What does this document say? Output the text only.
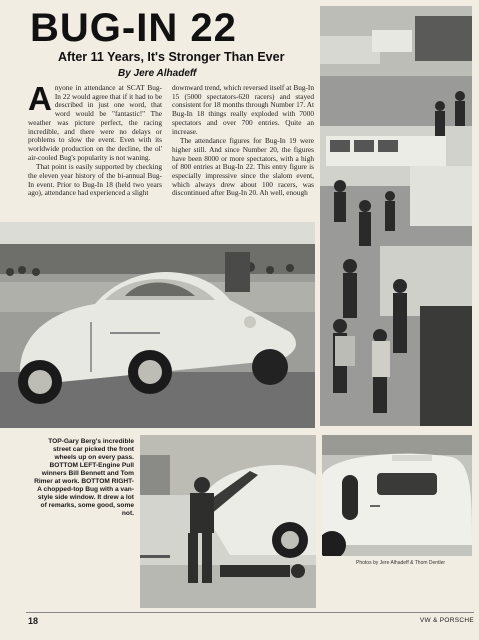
BUG-IN 22
After 11 Years, It's Stronger Than Ever
By Jere Alhadeff

Anyone in attendance at SCAT Bug-In 22 would agree that if it had to be described in just one word, that word would be "fantastic!" The weather was picture perfect, the racing incredible, and there were no delays or problems to slow the event. Even with its worldwide production on the decline, the ol' air-cooled Bug's popularity is not waning.

That point is easily supported by checking the eleven year history of the bi-annual Bug-In event. Prior to Bug-In 18 (held two years ago), attendance had experienced a slight

downward trend, which reversed itself at Bug-In 15 (5000 spectators-620 racers) and stayed consistent for 18 months through Number 17. At Bug-In 18 things really exploded with 7000 spectators and over 700 entries. Quite an increase.

The attendance figures for Bug-In 19 were higher still. And since Number 20, the figures have been 8000 or more spectators, with a high of 800 entries at Bug-In 22. This entry figure is especially impressive since the slalom event, which always drew about 100 racers, was discontinued after Bug-In 20. Ah well, enough

TOP-Gary Berg's incredible street car picked the front wheels up on every pass. BOTTOM LEFT-Engine Pull winners Bill Bennett and Tom Rimer at work. BOTTOM RIGHT-A chopped-top Bug with a van-style side window. It drew a lot of remarks, some good, some not.
Photos by Jere Alhadeff & Thom Dentler
18	VW & PORSCHE
